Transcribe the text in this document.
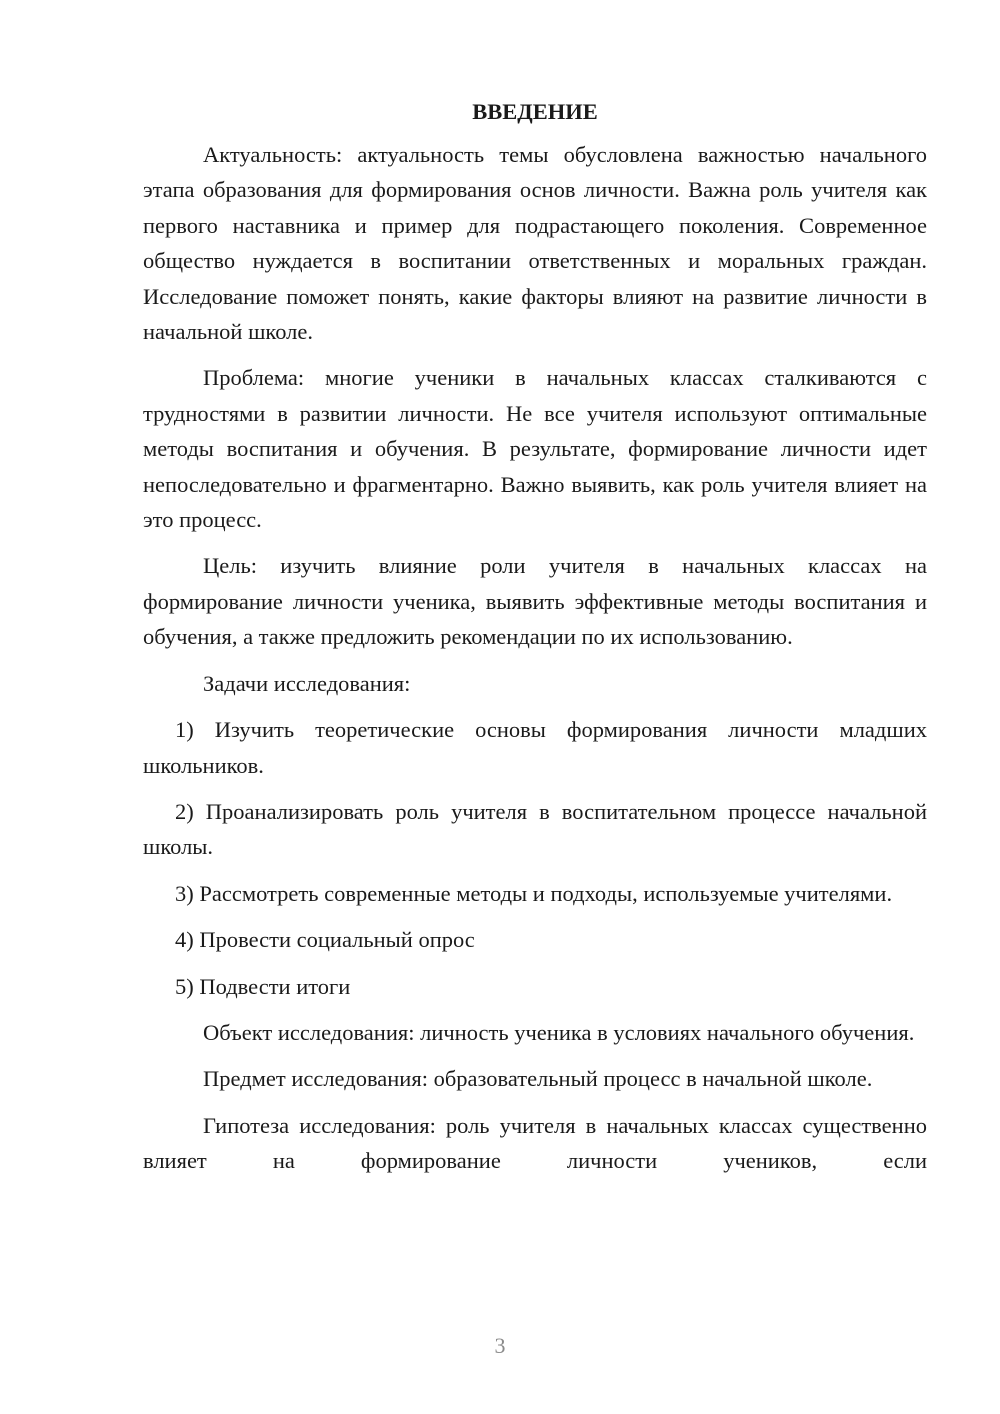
ВВЕДЕНИЕ

Актуальность: актуальность темы обусловлена важностью начального этапа образования для формирования основ личности. Важна роль учителя как первого наставника и пример для подрастающего поколения. Современное общество нуждается в воспитании ответственных и моральных граждан. Исследование поможет понять, какие факторы влияют на развитие личности в начальной школе.

Проблема: многие ученики в начальных классах сталкиваются с трудностями в развитии личности. Не все учителя используют оптимальные методы воспитания и обучения. В результате, формирование личности идет непоследовательно и фрагментарно. Важно выявить, как роль учителя влияет на это процесс.

Цель: изучить влияние роли учителя в начальных классах на формирование личности ученика, выявить эффективные методы воспитания и обучения, а также предложить рекомендации по их использованию.

Задачи исследования:

1) Изучить теоретические основы формирования личности младших школьников.

2) Проанализировать роль учителя в воспитательном процессе начальной школы.

3) Рассмотреть современные методы и подходы, используемые учителями.

4) Провести социальный опрос

5) Подвести итоги

Объект исследования: личность ученика в условиях начального обучения.

Предмет исследования: образовательный процесс в начальной школе.

Гипотеза исследования: роль учителя в начальных классах существенно влияет на формирование личности учеников, если

3
